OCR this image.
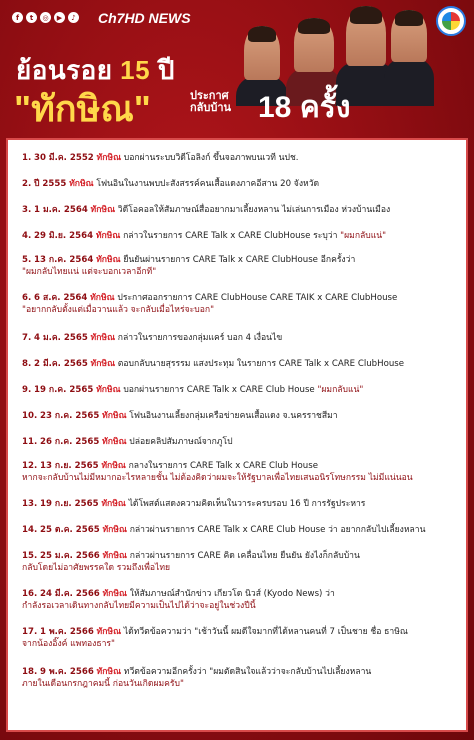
f	t	◎	▶	♪ Ch7HD NEWS
ย้อนรอย 15 ปี
"ทักษิณ"	ประกาศ
กลับบ้าน 18 ครั้ง
1. 30 มี.ค. 2552 ทักษิณ บอกผ่านระบบวิดีโอลิงก์ ขึ้นจอภาพบนเวที นปช.
2. ปี 2555 ทักษิณ โฟนอินในงานพบปะสังสรรค์คนเสื้อแดงภาคอีสาน 20 จังหวัด
3. 1 ม.ค. 2564 ทักษิณ วิดีโอคอลให้สัมภาษณ์สื่ออยากมาเลี้ยงหลาน ไม่เล่นการเมือง ห่วงบ้านเมือง
4. 29 มิ.ย. 2564 ทักษิณ กล่าวในรายการ CARE Talk x CARE ClubHouse ระบุว่า "ผมกลับแน่"
5. 13 ก.ค. 2564 ทักษิณ ยืนยันผ่านรายการ CARE Talk x CARE ClubHouse อีกครั้งว่า
"ผมกลับไทยแน่ แต่จะบอกเวลาอีกที"
6. 6 ส.ค. 2564 ทักษิณ ประกาศออกรายการ CARE ClubHouse CARE TAIK x CARE ClubHouse
"อยากกลับตั้งแต่เมื่อวานแล้ว จะกลับเมื่อไหร่จะบอก"
7. 4 ม.ค. 2565 ทักษิณ กล่าวในรายการของกลุ่มแคร์ บอก 4 เงื่อนไข
8. 2 มี.ค. 2565 ทักษิณ ตอบกลับนายสุรรรม แสงประทุม ในรายการ CARE Talk x CARE ClubHouse
9. 19 ก.ค. 2565 ทักษิณ บอกผ่านรายการ CARE Talk x CARE Club House "ผมกลับแน่"
10. 23 ก.ค. 2565 ทักษิณ โฟนอินงานเลี้ยงกลุ่มเครือข่ายคนเสื้อแดง จ.นครราชสีมา
11. 26 ก.ค. 2565 ทักษิณ ปล่อยคลิปสัมภาษณ์จากภูโป
12. 13 ก.ย. 2565 ทักษิณ กลางในรายการ CARE Talk x CARE Club House
หากจะกลับบ้านไม่มีหมากอะไรหลายชั้น ไม่ต้องคิดว่าผมจะให้รัฐบาลเพื่อไทยเสนอนิรโทษกรรม ไม่มีแน่นอน
13. 19 ก.ย. 2565 ทักษิณ ได้โพสต์แสดงความคิดเห็นในวาระครบรอบ 16 ปี การรัฐประหาร
14. 25 ต.ค. 2565 ทักษิณ กล่าวผ่านรายการ CARE Talk x CARE Club House ว่า อยากกลับไปเลี้ยงหลาน
15. 25 ม.ค. 2566 ทักษิณ กล่าวผ่านรายการ CARE คิด เคลื่อนไทย ยืนยัน ยังไงก็กลับบ้าน
กลับโดยไม่อาศัยพรรคใด รวมถึงเพื่อไทย
16. 24 มี.ค. 2566 ทักษิณ ให้สัมภาษณ์สำนักข่าว เกียวโด นิวส์ (Kyodo News) ว่า
กำลังรอเวลาเดินทางกลับไทยมีความเป็นไปได้ว่าจะอยู่ในช่วงปีนี้
17. 1 พ.ค. 2566 ทักษิณ ได้ทวีตข้อความว่า "เช้าวันนี้ ผมดีใจมากที่ได้หลานคนที่ 7 เป็นชาย ชื่อ ธาษิณ
จากน้องอิ๊งค์ แพทองธาร"
18. 9 พ.ค. 2566 ทักษิณ ทวีตข้อความอีกครั้งว่า "ผมตัดสินใจแล้วว่าจะกลับบ้านไปเลี้ยงหลาน
ภายในเดือนกรกฎาคมนี้ ก่อนวันเกิดผมครับ"
